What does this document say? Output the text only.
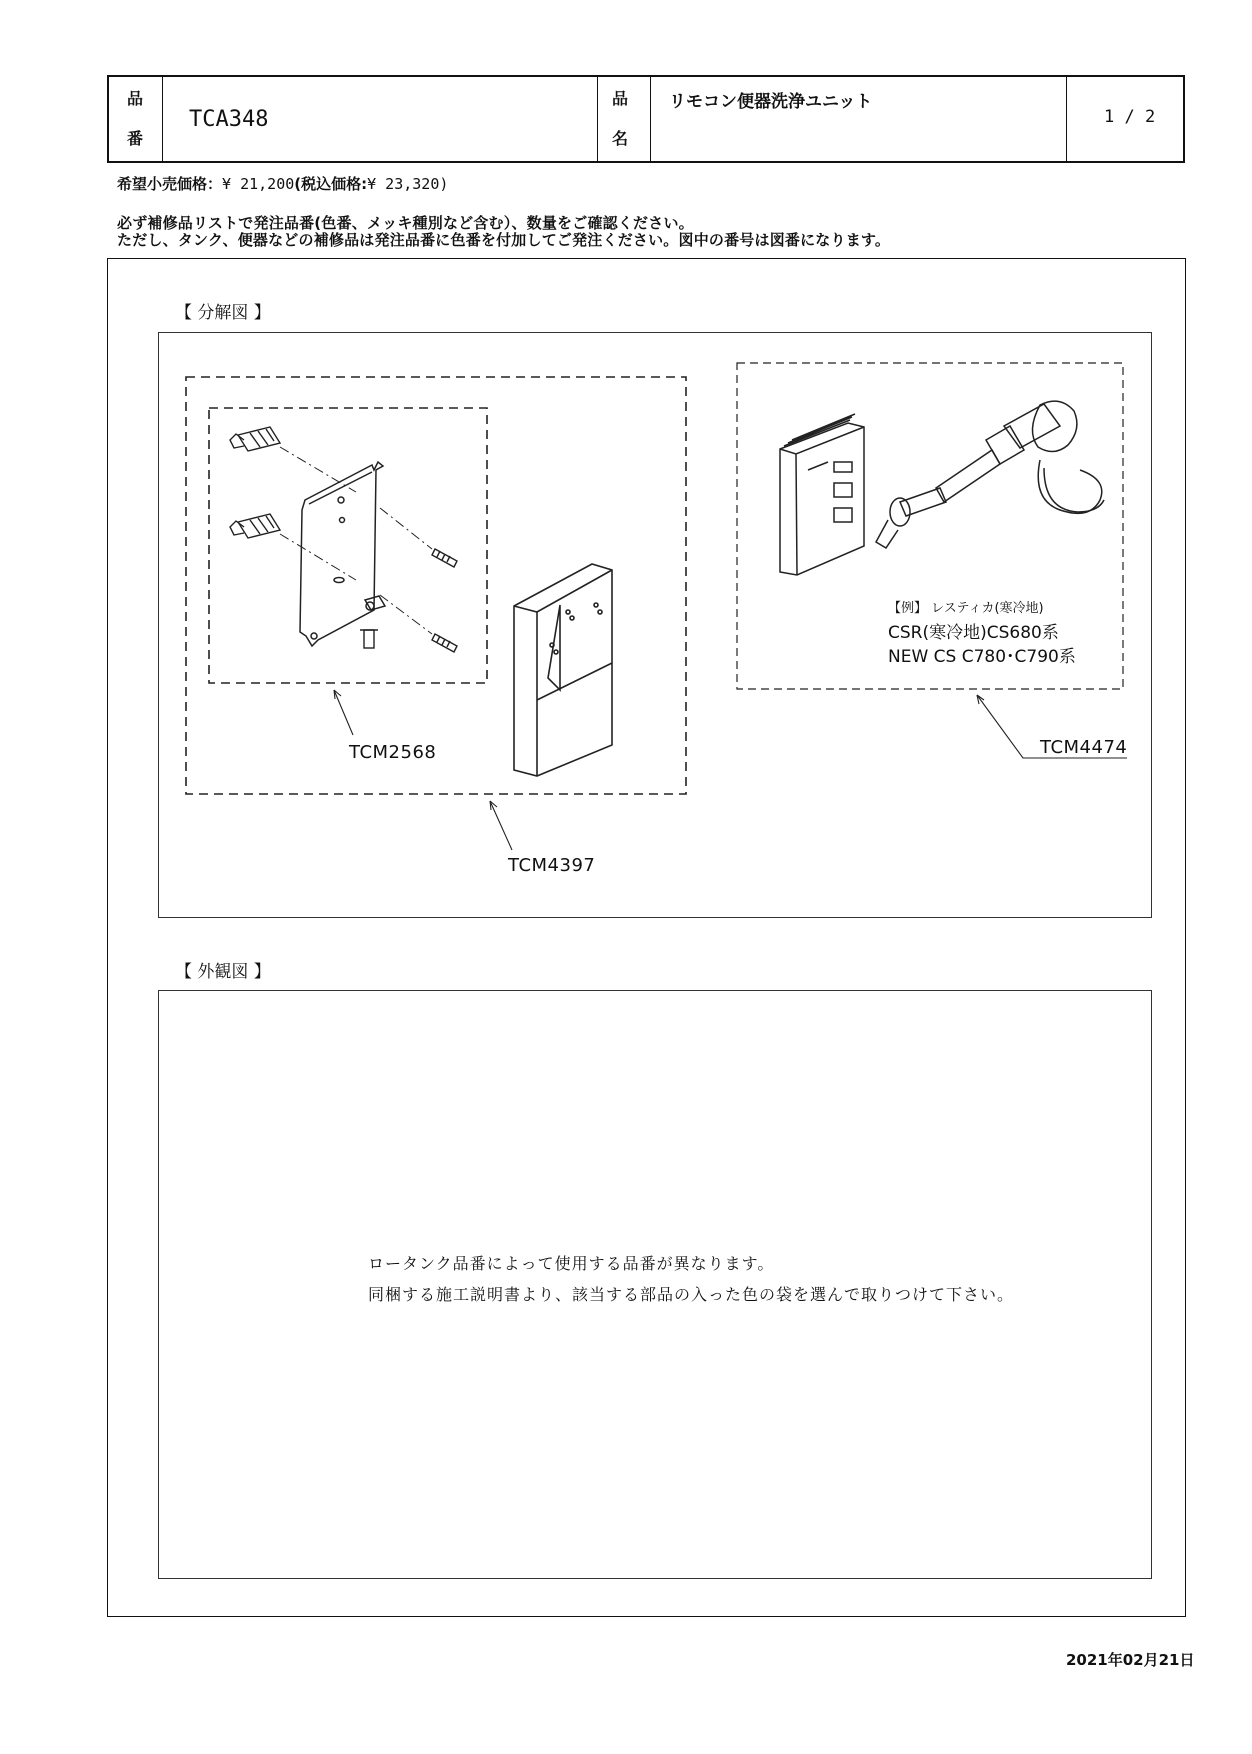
品
番
TCA348
品
名
リモコン便器洗浄ユニット
1 / 2
希望小売価格：¥ 21,200(税込価格:¥ 23,320)
必ず補修品リストで発注品番(色番、メッキ種別など含む）、数量をご確認ください。
ただし、タンク、便器などの補修品は発注品番に色番を付加してご発注ください。図中の番号は図番になります。
【 分解図 】
TCM2568
TCM4397
TCM4474
【例】 レスティカ(寒冷地)
CSR(寒冷地)CS680系
NEW CS C780･C790系
【 外観図 】
ロータンク品番によって使用する品番が異なります。
同梱する施工説明書より、該当する部品の入った色の袋を選んで取りつけて下さい。
2021年02月21日
